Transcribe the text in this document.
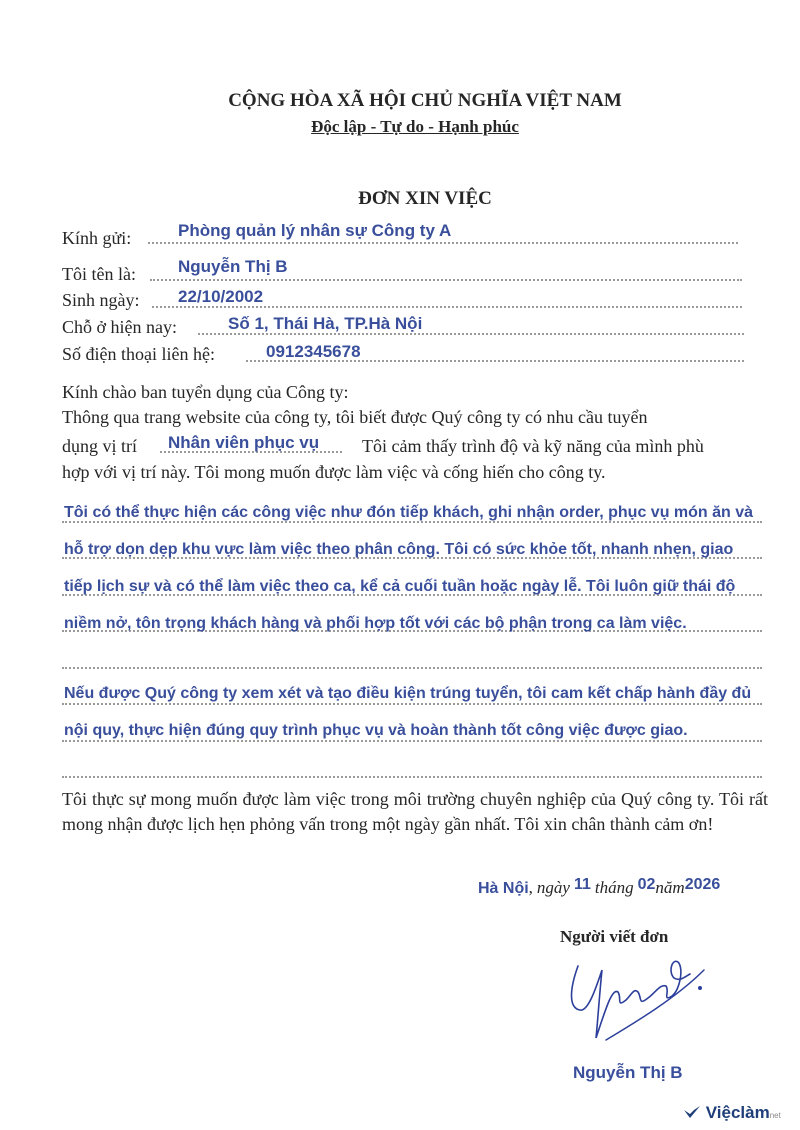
CỘNG HÒA XÃ HỘI CHỦ NGHĨA VIỆT NAM
Độc lập - Tự do - Hạnh phúc
ĐƠN XIN VIỆC
Kính gửi:	Phòng quản lý nhân sự Công ty A
Tôi tên là: Nguyễn Thị B
Sinh ngày: 22/10/2002
Chỗ ở hiện nay:	Số 1, Thái Hà, TP.Hà Nội
Số điện thoại liên hệ:	0912345678
Kính chào ban tuyển dụng của Công ty:
Thông qua trang website của công ty, tôi biết được Quý công ty có nhu cầu tuyển
dụng vị trí Nhân viên phục vụ Tôi cảm thấy trình độ và kỹ năng của mình phù
hợp với vị trí này. Tôi mong muốn được làm việc và cống hiến cho công ty.
Tôi có thể thực hiện các công việc như đón tiếp khách, ghi nhận order, phục vụ món ăn và hỗ trợ dọn dẹp khu vực làm việc theo phân công. Tôi có sức khỏe tốt, nhanh nhẹn, giao tiếp lịch sự và có thể làm việc theo ca, kể cả cuối tuần hoặc ngày lễ. Tôi luôn giữ thái độ niềm nở, tôn trọng khách hàng và phối hợp tốt với các bộ phận trong ca làm việc.
Nếu được Quý công ty xem xét và tạo điều kiện trúng tuyển, tôi cam kết chấp hành đầy đủ nội quy, thực hiện đúng quy trình phục vụ và hoàn thành tốt công việc được giao.
Tôi thực sự mong muốn được làm việc trong môi trường chuyên nghiệp của Quý công ty. Tôi rất mong nhận được lịch hẹn phỏng vấn trong một ngày gần nhất. Tôi xin chân thành cảm ơn!
Hà Nội, ngày 11 tháng 02năm2026
Người viết đơn
Nguyễn Thị B
Việclàmnet
